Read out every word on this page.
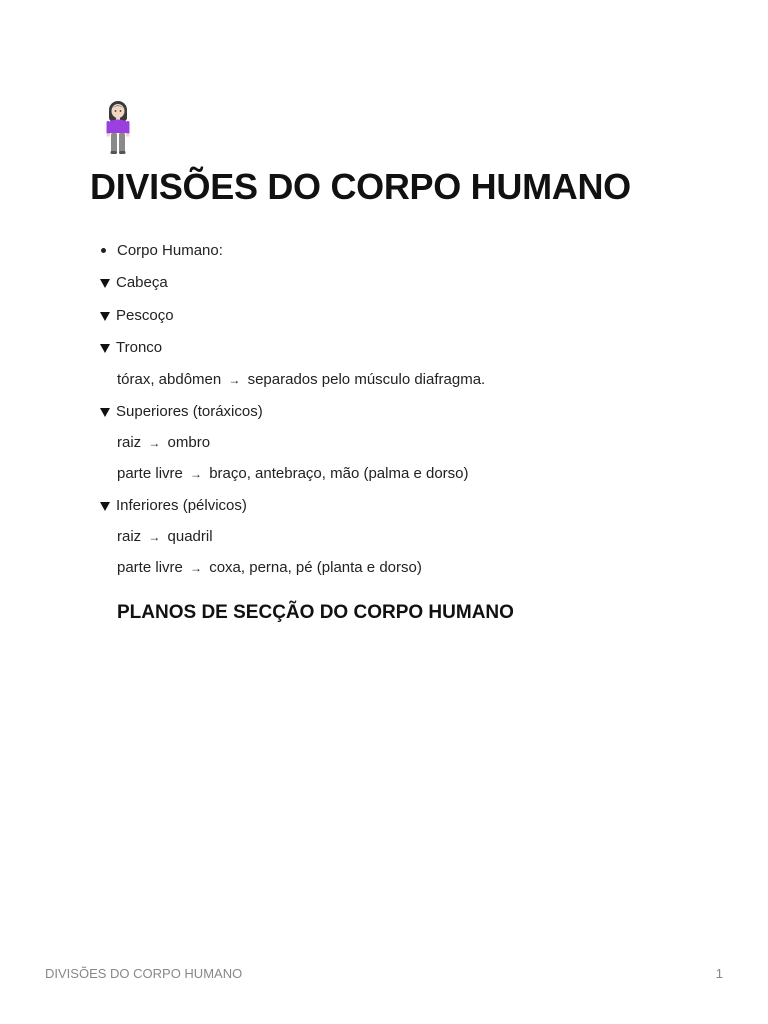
DIVISÕES DO CORPO HUMANO
Corpo Humano:
Cabeça
Pescoço
Tronco
tórax, abdômen → separados pelo músculo diafragma.
Superiores (toráxicos)
raiz → ombro
parte livre → braço, antebraço, mão (palma e dorso)
Inferiores (pélvicos)
raiz → quadril
parte livre → coxa, perna, pé (planta e dorso)
PLANOS DE SECÇÃO DO CORPO HUMANO
DIVISÕES DO CORPO HUMANO	1
